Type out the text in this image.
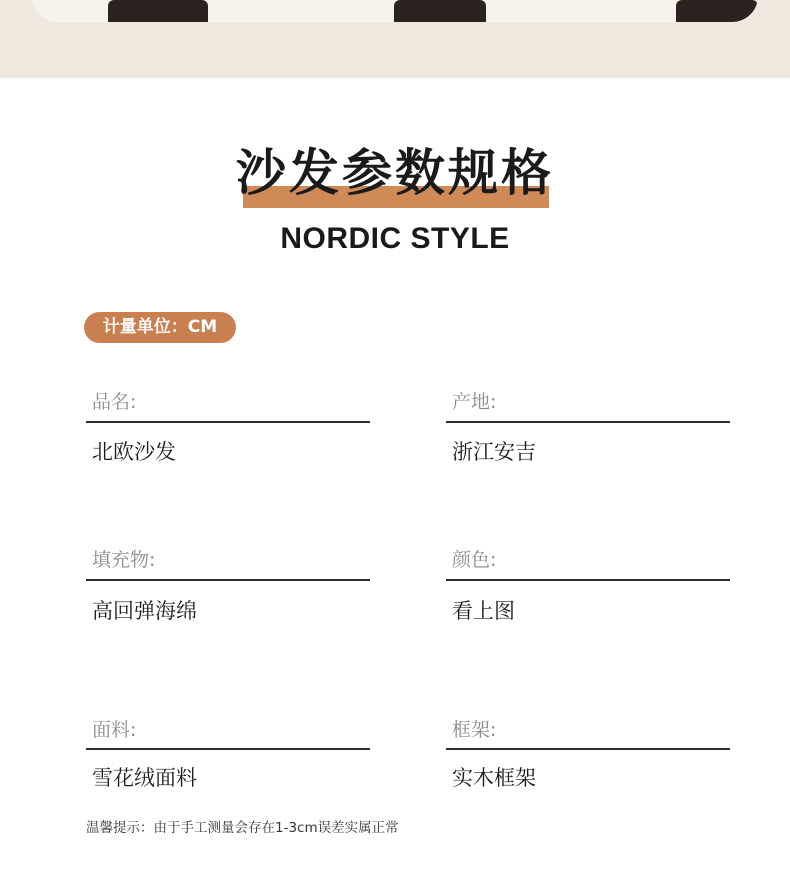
沙发参数规格
NORDIC STYLE
计量单位：CM
品名:
北欧沙发
产地:
浙江安吉
填充物:
高回弹海绵
颜色:
看上图
面料:
雪花绒面料
框架:
实木框架
温馨提示：由于手工测量会存在1-3cm误差实属正常
